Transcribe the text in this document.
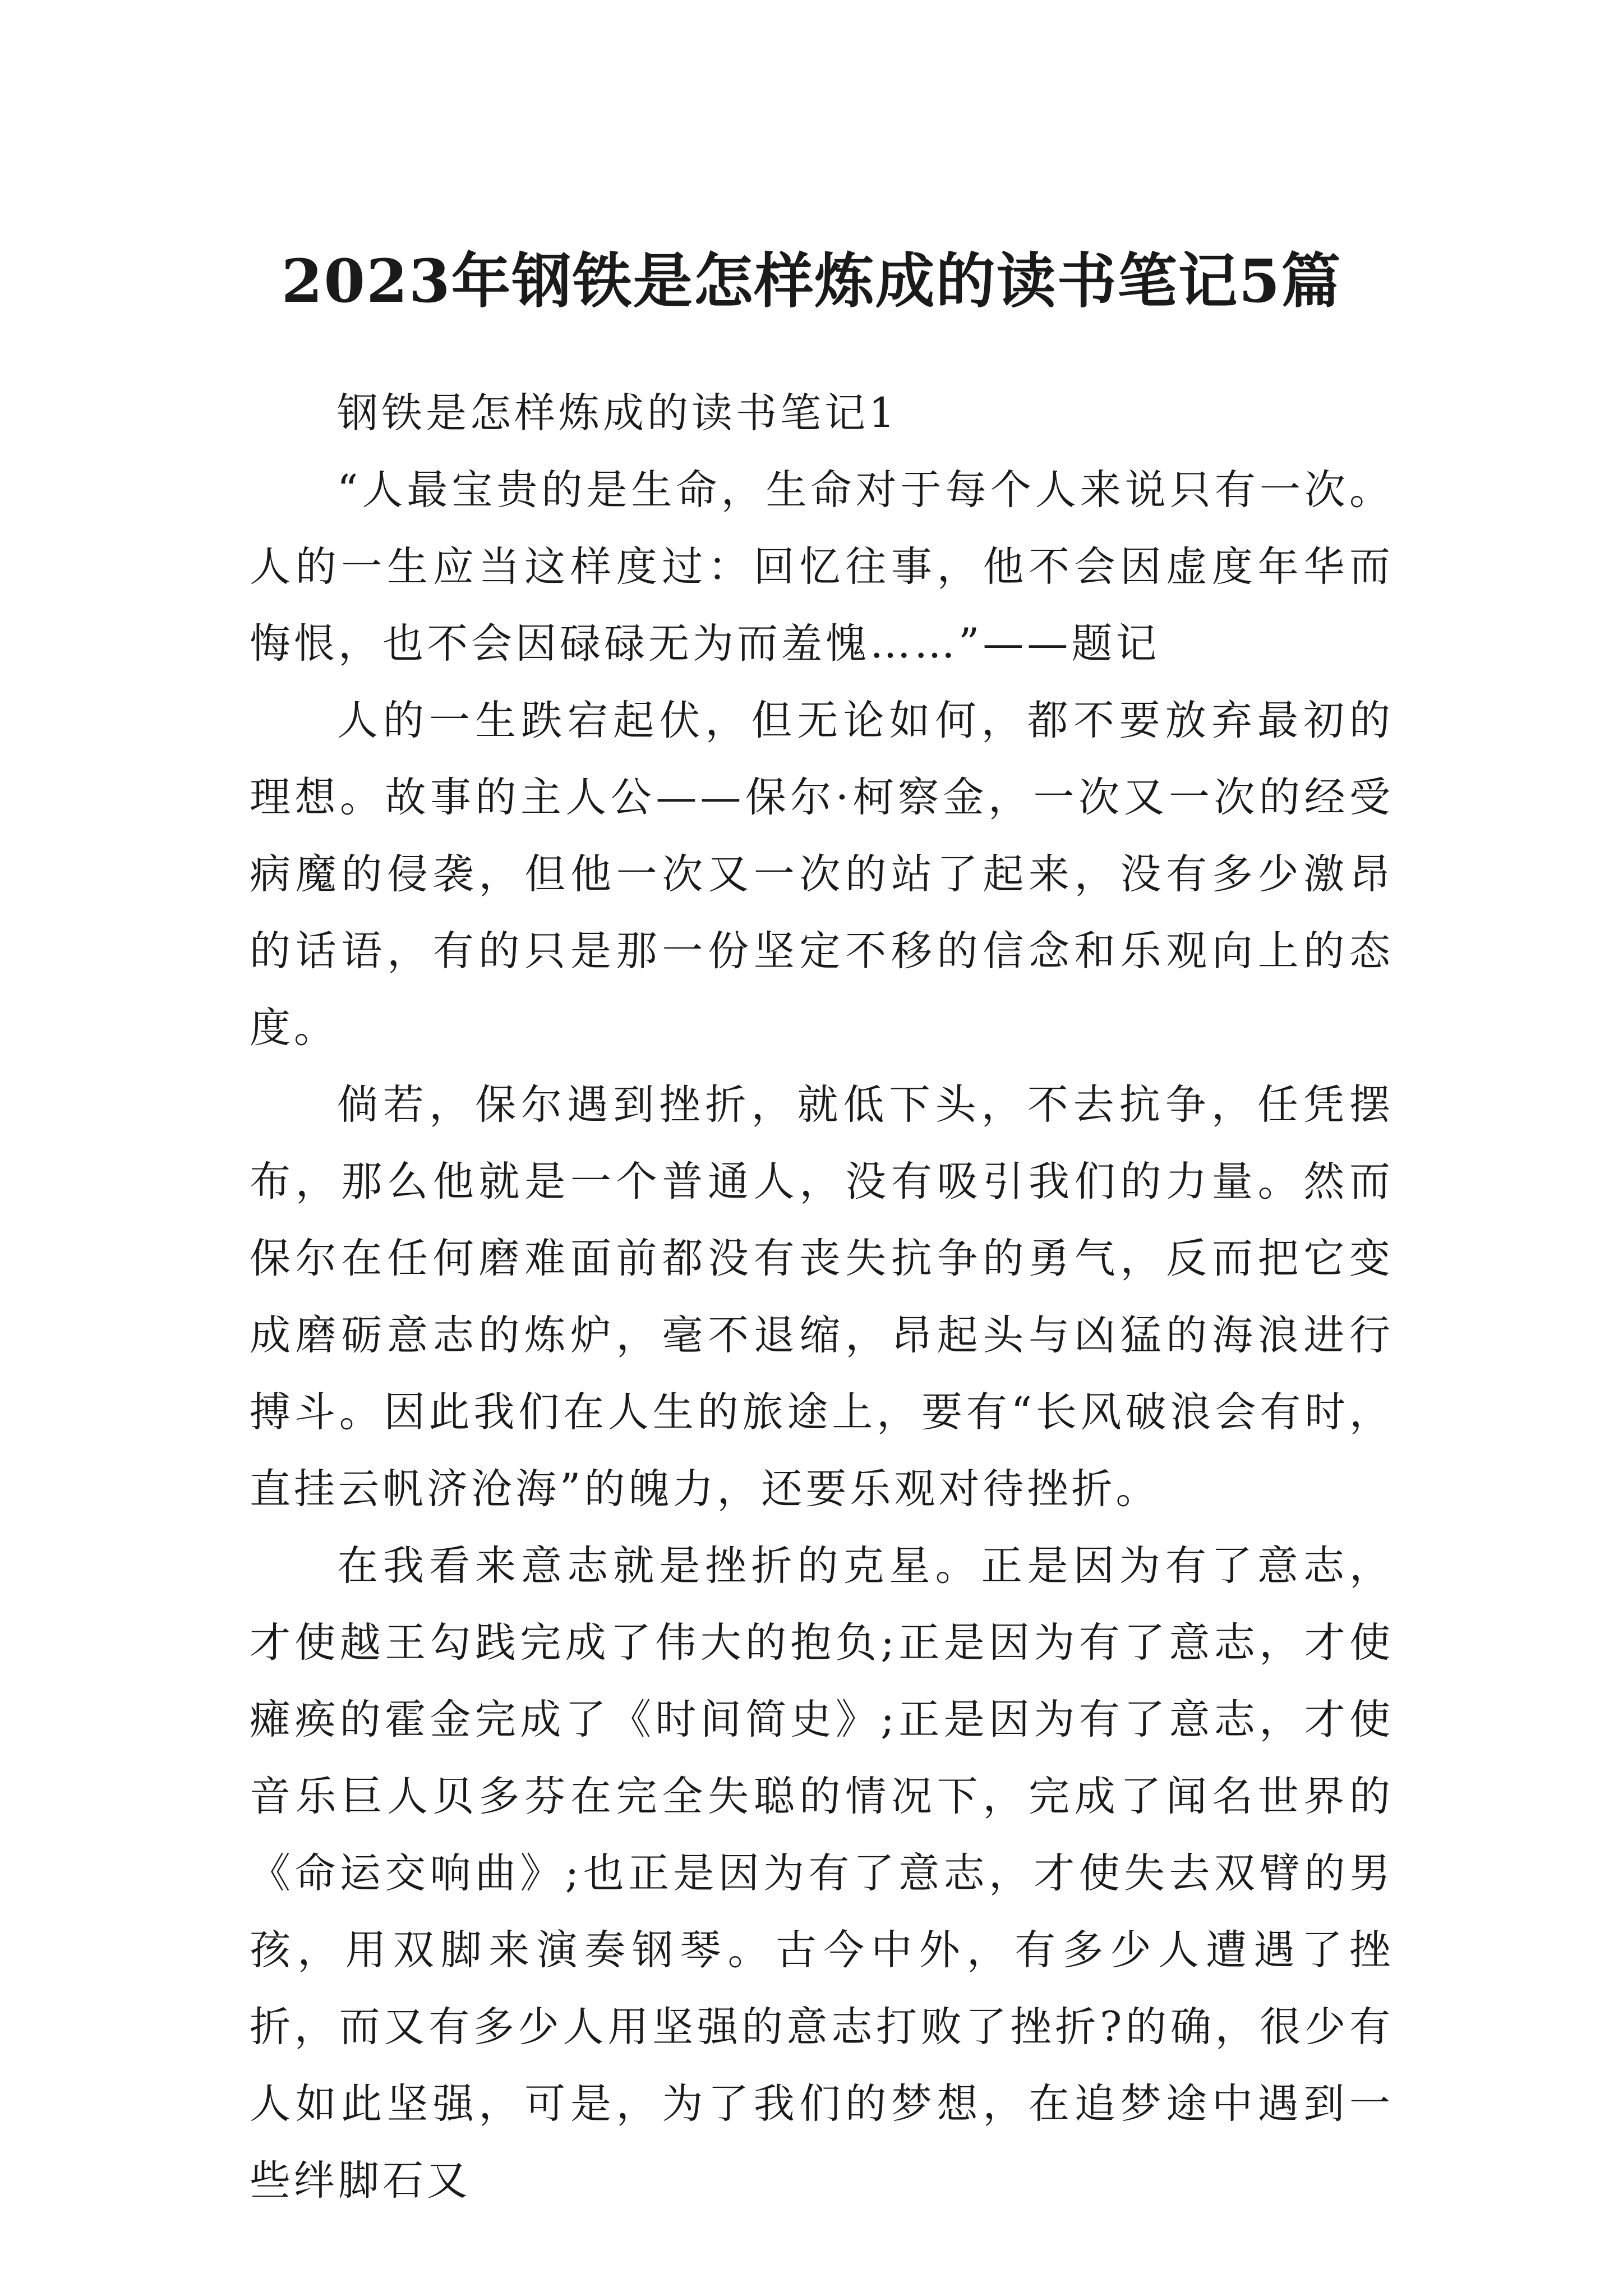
2023年钢铁是怎样炼成的读书笔记5篇

钢铁是怎样炼成的读书笔记1

“人最宝贵的是生命，生命对于每个人来说只有一次。人的一生应当这样度过：回忆往事，他不会因虚度年华而悔恨，也不会因碌碌无为而羞愧……”——题记

人的一生跌宕起伏，但无论如何，都不要放弃最初的理想。故事的主人公——保尔·柯察金，一次又一次的经受病魔的侵袭，但他一次又一次的站了起来，没有多少激昂的话语，有的只是那一份坚定不移的信念和乐观向上的态度。

倘若，保尔遇到挫折，就低下头，不去抗争，任凭摆布，那么他就是一个普通人，没有吸引我们的力量。然而保尔在任何磨难面前都没有丧失抗争的勇气，反而把它变成磨砺意志的炼炉，毫不退缩，昂起头与凶猛的海浪进行搏斗。因此我们在人生的旅途上，要有“长风破浪会有时，直挂云帆济沧海”的魄力，还要乐观对待挫折。

在我看来意志就是挫折的克星。正是因为有了意志，才使越王勾践完成了伟大的抱负;正是因为有了意志，才使瘫痪的霍金完成了《时间简史》;正是因为有了意志，才使音乐巨人贝多芬在完全失聪的情况下，完成了闻名世界的《命运交响曲》;也正是因为有了意志，才使失去双臂的男孩，用双脚来演奏钢琴。古今中外，有多少人遭遇了挫折，而又有多少人用坚强的意志打败了挫折?的确，很少有人如此坚强，可是，为了我们的梦想，在追梦途中遇到一些绊脚石又
